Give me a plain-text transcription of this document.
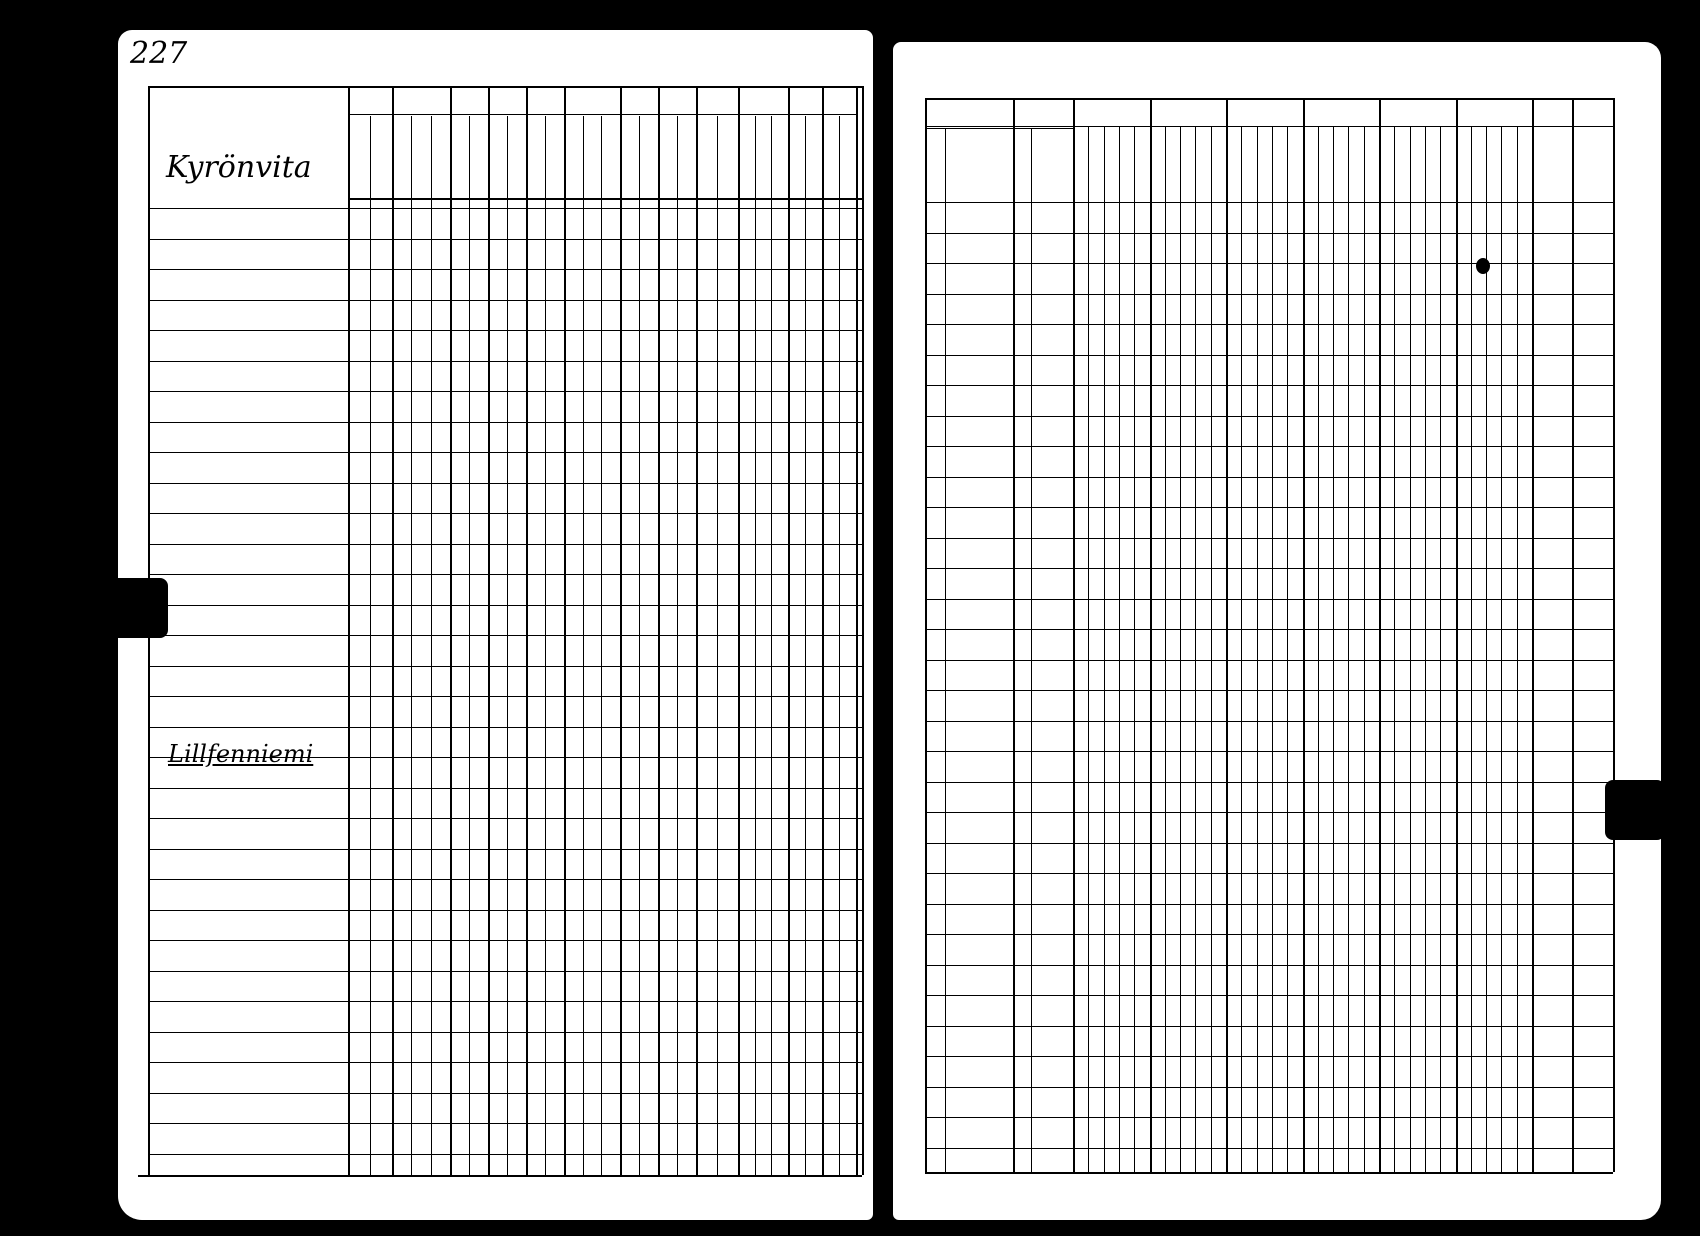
227
Kyrönvita
Lillfenniemi
